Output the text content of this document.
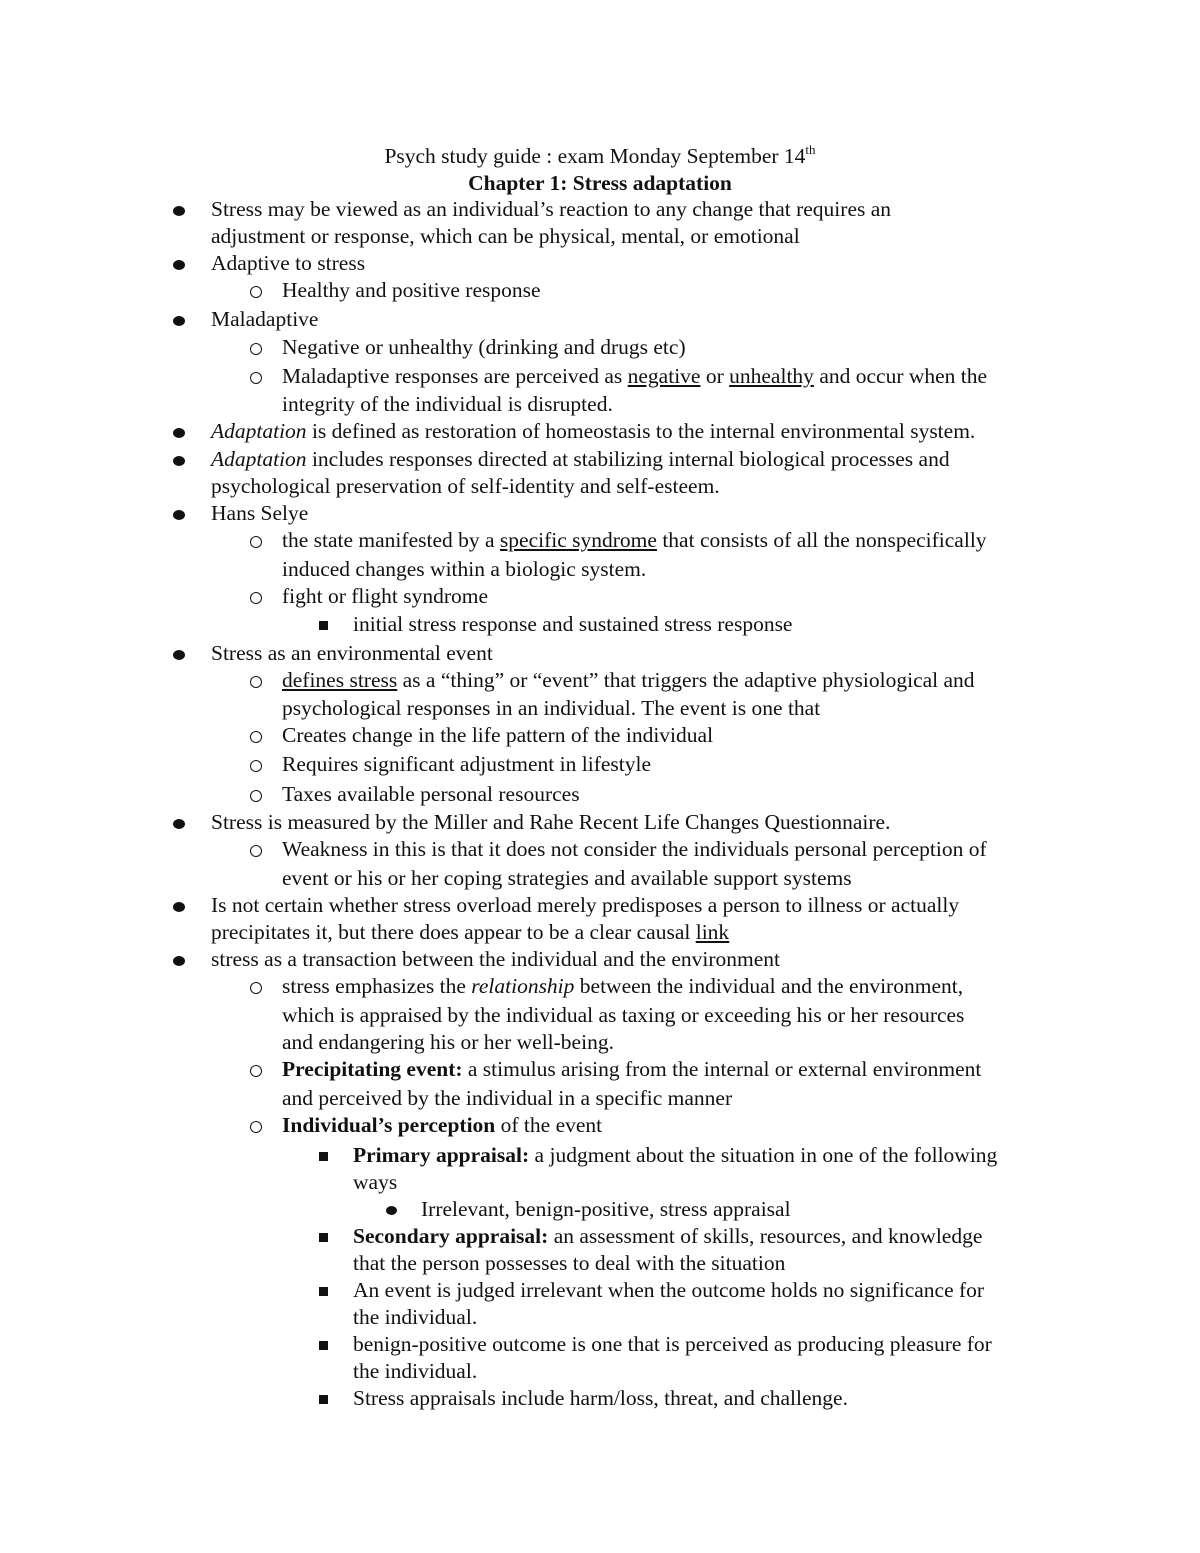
Psych study guide : exam Monday September 14th
Chapter 1: Stress adaptation
Stress may be viewed as an individual’s reaction to any change that requires an
adjustment or response, which can be physical, mental, or emotional
Adaptive to stress
Healthy and positive response
Maladaptive
Negative or unhealthy (drinking and drugs etc)
Maladaptive responses are perceived as negative or unhealthy and occur when the
integrity of the individual is disrupted.
Adaptation is defined as restoration of homeostasis to the internal environmental system.
Adaptation includes responses directed at stabilizing internal biological processes and
psychological preservation of self-identity and self-esteem.
Hans Selye
the state manifested by a specific syndrome that consists of all the nonspecifically
induced changes within a biologic system.
fight or flight syndrome
initial stress response and sustained stress response
Stress as an environmental event
defines stress as a “thing” or “event” that triggers the adaptive physiological and
psychological responses in an individual. The event is one that
Creates change in the life pattern of the individual
Requires significant adjustment in lifestyle
Taxes available personal resources
Stress is measured by the Miller and Rahe Recent Life Changes Questionnaire.
Weakness in this is that it does not consider the individuals personal perception of
event or his or her coping strategies and available support systems
Is not certain whether stress overload merely predisposes a person to illness or actually
precipitates it, but there does appear to be a clear causal link
stress as a transaction between the individual and the environment
stress emphasizes the relationship between the individual and the environment,
which is appraised by the individual as taxing or exceeding his or her resources
and endangering his or her well-being.
Precipitating event: a stimulus arising from the internal or external environment
and perceived by the individual in a specific manner
Individual’s perception of the event
Primary appraisal: a judgment about the situation in one of the following
ways
Irrelevant, benign-positive, stress appraisal
Secondary appraisal: an assessment of skills, resources, and knowledge
that the person possesses to deal with the situation
An event is judged irrelevant when the outcome holds no significance for
the individual.
benign-positive outcome is one that is perceived as producing pleasure for
the individual.
Stress appraisals include harm/loss, threat, and challenge.
